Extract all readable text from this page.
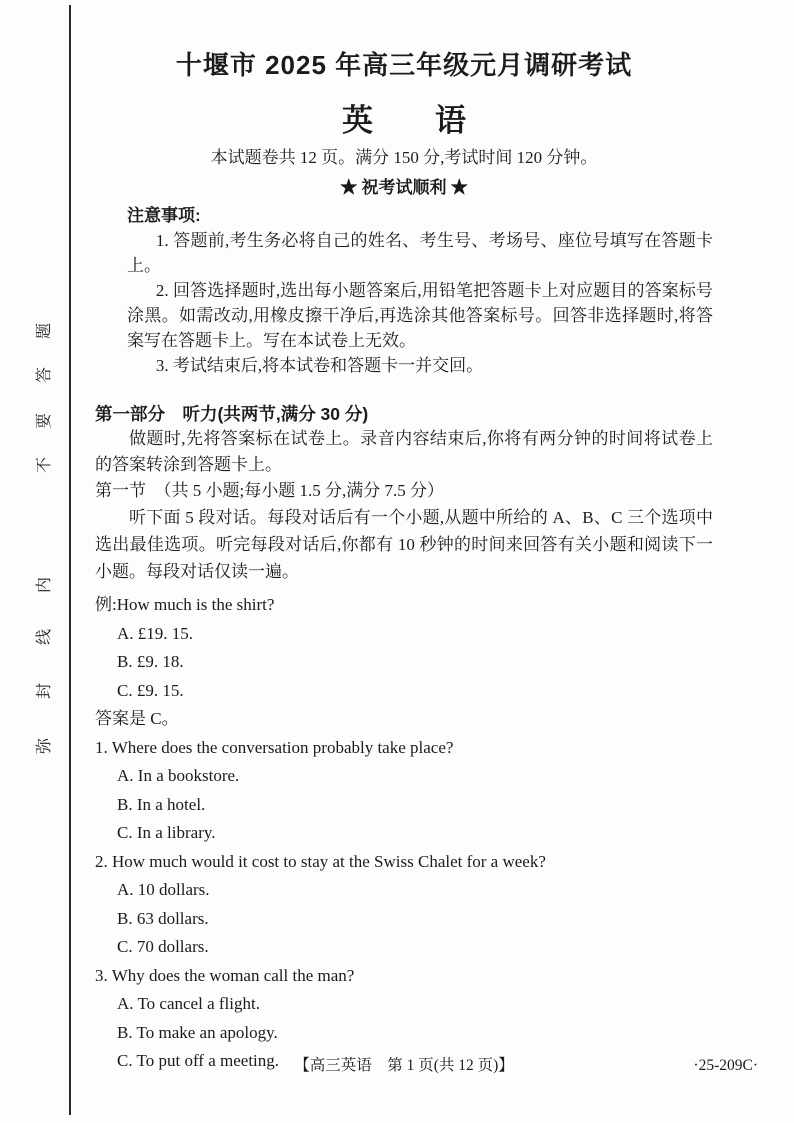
题
答
要
不
内
线
封
弥
十堰市 2025 年高三年级元月调研考试
英　　语
本试题卷共 12 页。满分 150 分,考试时间 120 分钟。
★ 祝考试顺利 ★
注意事项:

1. 答题前,考生务必将自己的姓名、考生号、考场号、座位号填写在答题卡上。

2. 回答选择题时,选出每小题答案后,用铅笔把答题卡上对应题目的答案标号涂黑。如需改动,用橡皮擦干净后,再选涂其他答案标号。回答非选择题时,将答案写在答题卡上。写在本试卷上无效。

3. 考试结束后,将本试卷和答题卡一并交回。

第一部分　听力(共两节,满分 30 分)

做题时,先将答案标在试卷上。录音内容结束后,你将有两分钟的时间将试卷上的答案转涂到答题卡上。

第一节　（共 5 小题;每小题 1.5 分,满分 7.5 分）

听下面 5 段对话。每段对话后有一个小题,从题中所给的 A、B、C 三个选项中选出最佳选项。听完每段对话后,你都有 10 秒钟的时间来回答有关小题和阅读下一小题。每段对话仅读一遍。

例:How much is the shirt?
A. £19. 15.
B. £9. 18.
C. £9. 15.
答案是 C。
1. Where does the conversation probably take place?
A. In a bookstore.
B. In a hotel.
C. In a library.
2. How much would it cost to stay at the Swiss Chalet for a week?
A. 10 dollars.
B. 63 dollars.
C. 70 dollars.
3. Why does the woman call the man?
A. To cancel a flight.
B. To make an apology.
C. To put off a meeting. 【高三英语　第 1 页(共 12 页)】	·25-209C·
